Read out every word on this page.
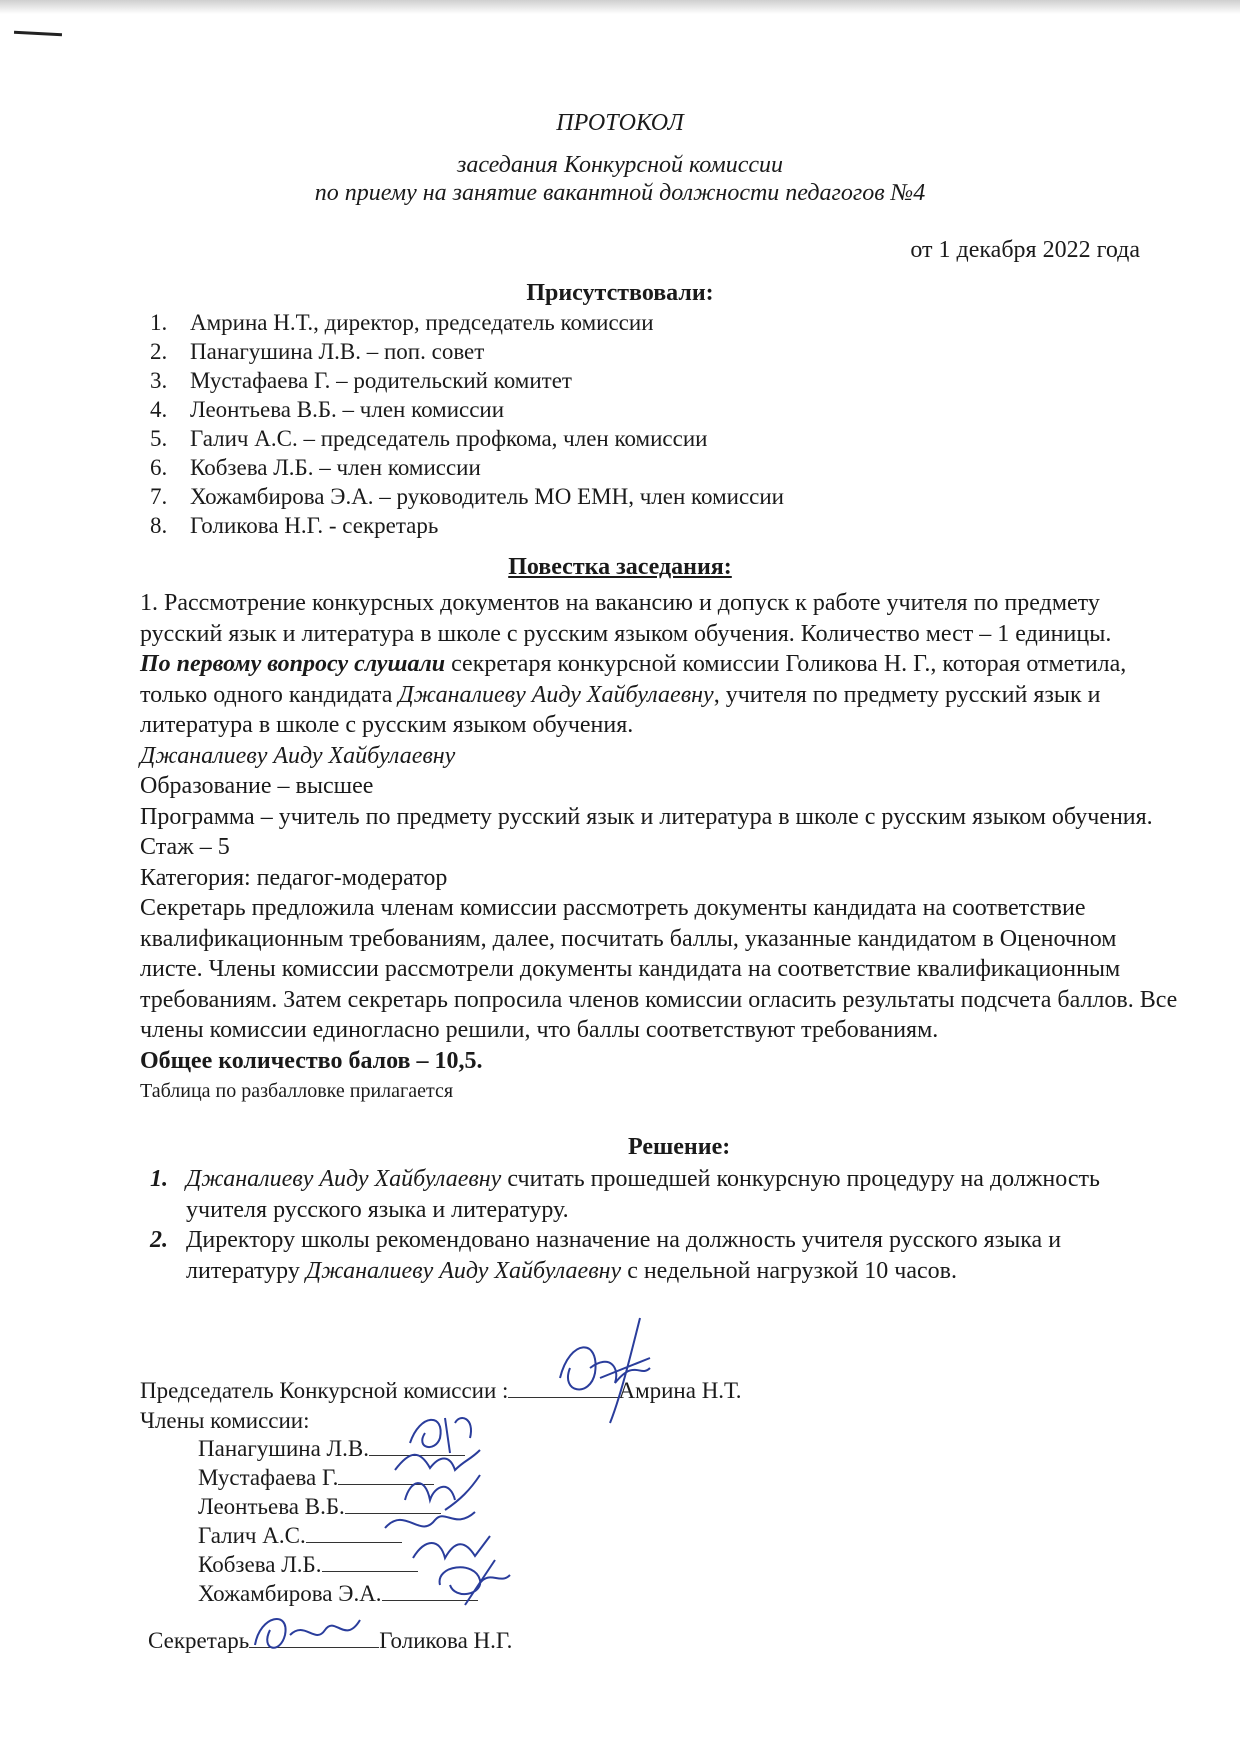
ПРОТОКОЛ
заседания Конкурсной комиссии
по приему на занятие вакантной должности педагогов №4
от 1 декабря 2022 года
Присутствовали:
1. Амрина Н.Т., директор, председатель комиссии
2. Панагушина Л.В. – поп. совет
3. Мустафаева Г. – родительский комитет
4. Леонтьева В.Б. – член комиссии
5. Галич А.С. – председатель профкома, член комиссии
6. Кобзева Л.Б. – член комиссии
7. Хожамбирова Э.А. – руководитель МО ЕМН, член комиссии
8. Голикова Н.Г. - секретарь
Повестка заседания:

1. Рассмотрение конкурсных документов на вакансию и допуск к работе учителя по предмету русский язык и литература в школе с русским языком обучения. Количество мест – 1 единицы.

По первому вопросу слушали секретаря конкурсной комиссии Голикова Н. Г., которая отметила, только одного кандидата Джаналиеву Аиду Хайбулаевну, учителя по предмету русский язык и литература в школе с русским языком обучения.

Джаналиеву Аиду Хайбулаевну

Образование – высшее

Программа – учитель по предмету русский язык и литература в школе с русским языком обучения.

Стаж – 5

Категория: педагог-модератор

Секретарь предложила членам комиссии рассмотреть документы кандидата на соответствие квалификационным требованиям, далее, посчитать баллы, указанные кандидатом в Оценочном листе. Члены комиссии рассмотрели документы кандидата на соответствие квалификационным требованиям. Затем секретарь попросила членов комиссии огласить результаты подсчета баллов. Все члены комиссии единогласно решили, что баллы соответствуют требованиям.

Общее количество балов – 10,5.

Таблица по разбалловке прилагается

Решение:
1. Джаналиеву Аиду Хайбулаевну считать прошедшей конкурсную процедуру на должность учителя русского языка и литературу.
2. Директору школы рекомендовано назначение на должность учителя русского языка и литературу Джаналиеву Аиду Хайбулаевну с недельной нагрузкой 10 часов.
Председатель Конкурсной комиссии :	Амрина Н.Т.
Члены комиссии:
Панагушина Л.В.
Мустафаева Г.
Леонтьева В.Б.
Галич А.С.
Кобзева Л.Б.
Хожамбирова Э.А.
Секретарь	Голикова Н.Г.
